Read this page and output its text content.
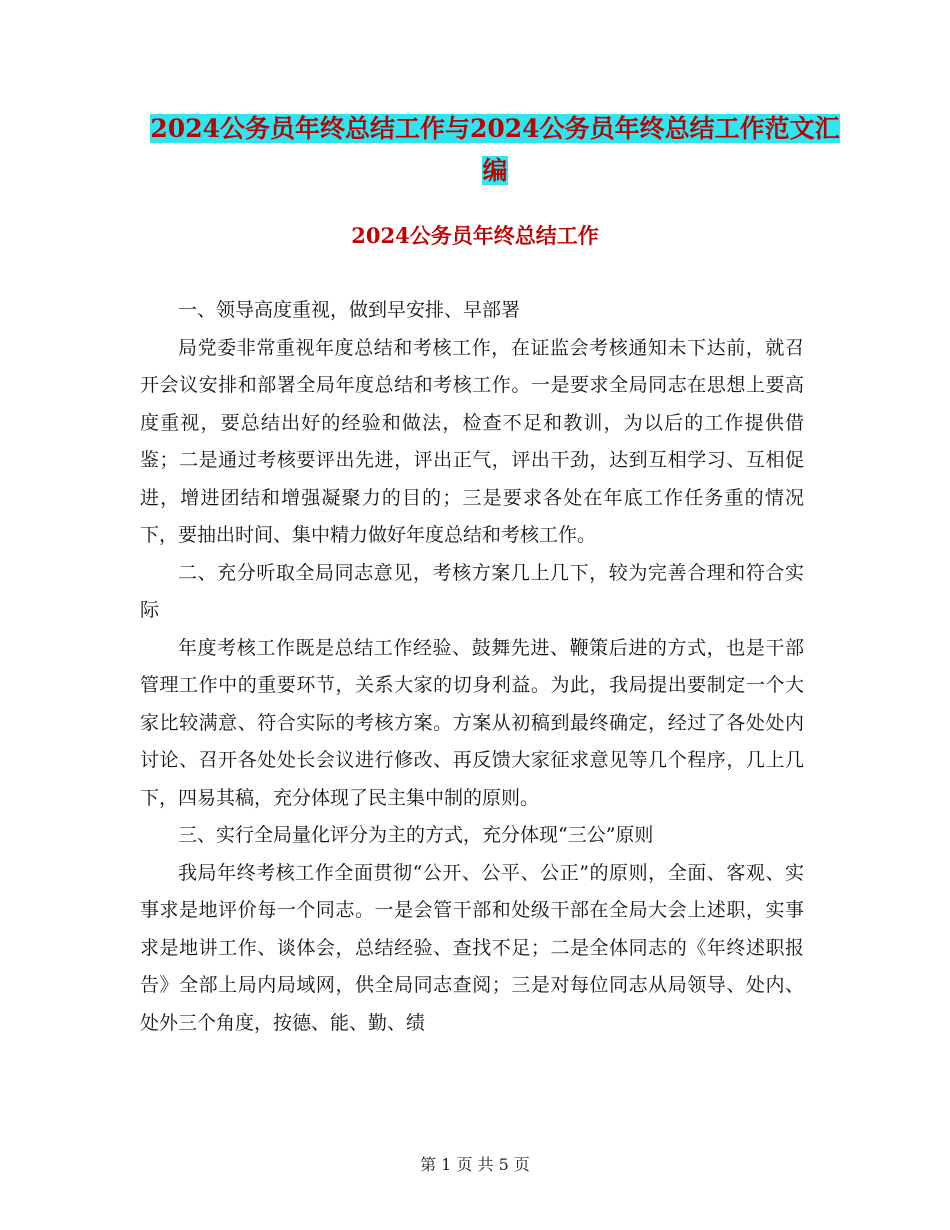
2024公务员年终总结工作与2024公务员年终总结工作范文汇编
2024公务员年终总结工作

一、领导高度重视，做到早安排、早部署

局党委非常重视年度总结和考核工作，在证监会考核通知未下达前，就召开会议安排和部署全局年度总结和考核工作。一是要求全局同志在思想上要高度重视，要总结出好的经验和做法，检查不足和教训，为以后的工作提供借鉴；二是通过考核要评出先进，评出正气，评出干劲，达到互相学习、互相促进，增进团结和增强凝聚力的目的；三是要求各处在年底工作任务重的情况下，要抽出时间、集中精力做好年度总结和考核工作。

二、充分听取全局同志意见，考核方案几上几下，较为完善合理和符合实际

年度考核工作既是总结工作经验、鼓舞先进、鞭策后进的方式，也是干部管理工作中的重要环节，关系大家的切身利益。为此，我局提出要制定一个大家比较满意、符合实际的考核方案。方案从初稿到最终确定，经过了各处处内讨论、召开各处处长会议进行修改、再反馈大家征求意见等几个程序，几上几下，四易其稿，充分体现了民主集中制的原则。

三、实行全局量化评分为主的方式，充分体现“三公”原则

我局年终考核工作全面贯彻“公开、公平、公正”的原则，全面、客观、实事求是地评价每一个同志。一是会管干部和处级干部在全局大会上述职，实事求是地讲工作、谈体会，总结经验、查找不足；二是全体同志的《年终述职报告》全部上局内局域网，供全局同志查阅；三是对每位同志从局领导、处内、处外三个角度，按德、能、勤、绩

第 1 页 共 5 页
